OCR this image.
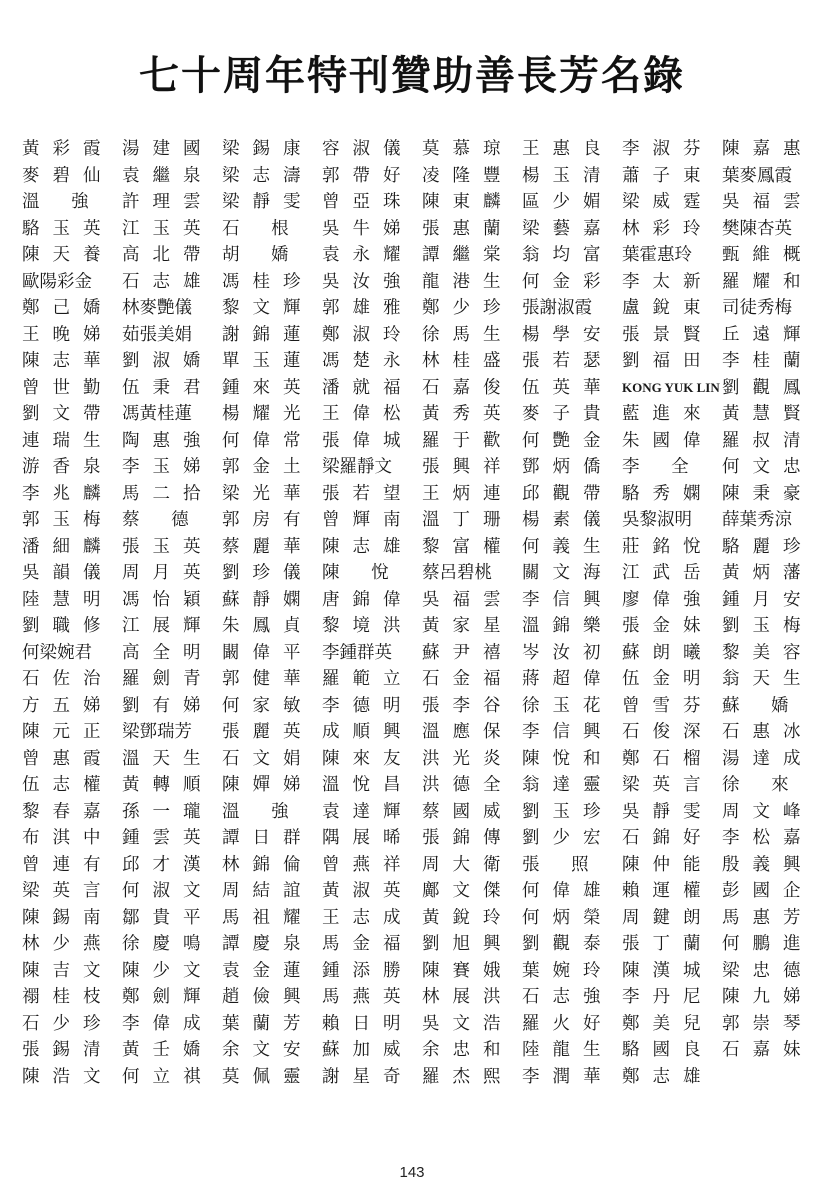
七十周年特刊贊助善長芳名錄
黃彩霞
麥碧仙
溫 強
駱玉英
陳天養
歐陽彩金
鄭己嬌
王晚娣
陳志華
曾世勤
劉文帶
連瑞生
游香泉
李兆麟
郭玉梅
潘細麟
吳韻儀
陸慧明
劉職修
何梁婉君
石佐治
方五娣
陳元正
曾惠霞
伍志權
黎春嘉
布淇中
曾連有
梁英言
陳錫南
林少燕
陳吉文
禤桂枝
石少珍
張錫清
陳浩文
湯建國
袁繼泉
許理雲
江玉英
高北帶
石志雄
林麥艷儀
茹張美娟
劉淑嬌
伍秉君
馮黃桂蓮
陶惠強
李玉娣
馬二拾
蔡 德
張玉英
周月英
馮怡穎
江展輝
高全明
羅劍青
劉有娣
梁鄧瑞芳
溫天生
黃轉順
孫一瓏
鍾雲英
邱才漢
何淑文
鄒貴平
徐慶鳴
陳少文
鄭劍輝
李偉成
黃壬嬌
何立祺
梁錫康
梁志濤
梁靜雯
石 根
胡 嬌
馮桂珍
黎文輝
謝錦蓮
單玉蓮
鍾來英
楊耀光
何偉常
郭金土
梁光華
郭房有
蔡麗華
劉珍儀
蘇靜嫻
朱鳳貞
闞偉平
郭健華
何家敏
張麗英
石文娟
陳嬋娣
溫 強
譚日群
林錦倫
周結誼
馬祖耀
譚慶泉
袁金蓮
趙儉興
葉蘭芳
余文安
莫佩靈
容淑儀
郭帶好
曾亞珠
吳牛娣
袁永耀
吳汝強
郭雄雅
鄭淑玲
馮楚永
潘就福
王偉松
張偉城
梁羅靜文
張若望
曾輝南
陳志雄
陳 悅
唐錦偉
黎境洪
李鍾群英
羅範立
李德明
成順興
陳來友
溫悅昌
袁達輝
隅展晞
曾燕祥
黃淑英
王志成
馬金福
鍾添勝
馬燕英
賴日明
蘇加威
謝星奇
莫慕琼
凌隆豐
陳東麟
張惠蘭
譚繼棠
龍港生
鄭少珍
徐馬生
林桂盛
石嘉俊
黃秀英
羅于歡
張興祥
王炳連
溫丁珊
黎富權
蔡呂碧桃
吳福雲
黃家星
蘇尹禧
石金福
張李谷
溫應保
洪光炎
洪德全
蔡國威
張錦傳
周大衛
鄺文傑
黃銳玲
劉旭興
陳賽娥
林展洪
吳文浩
余忠和
羅杰熙
王惠良
楊玉清
區少媚
梁藝嘉
翁均富
何金彩
張謝淑霞
楊學安
張若瑟
伍英華
麥子貴
何艷金
鄧炳僑
邱觀帶
楊素儀
何義生
關文海
李信興
溫錦樂
岑汝初
蔣超偉
徐玉花
李信興
陳悅和
翁達靈
劉玉珍
劉少宏
張 照
何偉雄
何炳榮
劉觀泰
葉婉玲
石志強
羅火好
陸龍生
李潤華
李淑芬
蕭子東
梁威霆
林彩玲
葉霍惠玲
李太新
盧銳東
張景賢
劉福田
KONG YUK LIN
藍進來
朱國偉
李 全
駱秀嫻
吳黎淑明
莊銘悅
江武岳
廖偉強
張金妹
蘇朗曦
伍金明
曾雪芬
石俊深
鄭石榴
梁英言
吳靜雯
石錦好
陳仲能
賴運權
周鍵朗
張丁蘭
陳漢城
李丹尼
鄭美兒
駱國良
鄭志雄
陳嘉惠
葉麥鳳霞
吳福雲
樊陳杏英
甄維概
羅耀和
司徒秀梅
丘遠輝
李桂蘭
劉觀鳳
黃慧賢
羅叔清
何文忠
陳秉豪
薛葉秀涼
駱麗珍
黃炳藩
鍾月安
劉玉梅
黎美容
翁天生
蘇 嬌
石惠冰
湯達成
徐 來
周文峰
李松嘉
殷義興
彭國企
馬惠芳
何鵬進
梁忠德
陳九娣
郭崇琴
石嘉妹
143
